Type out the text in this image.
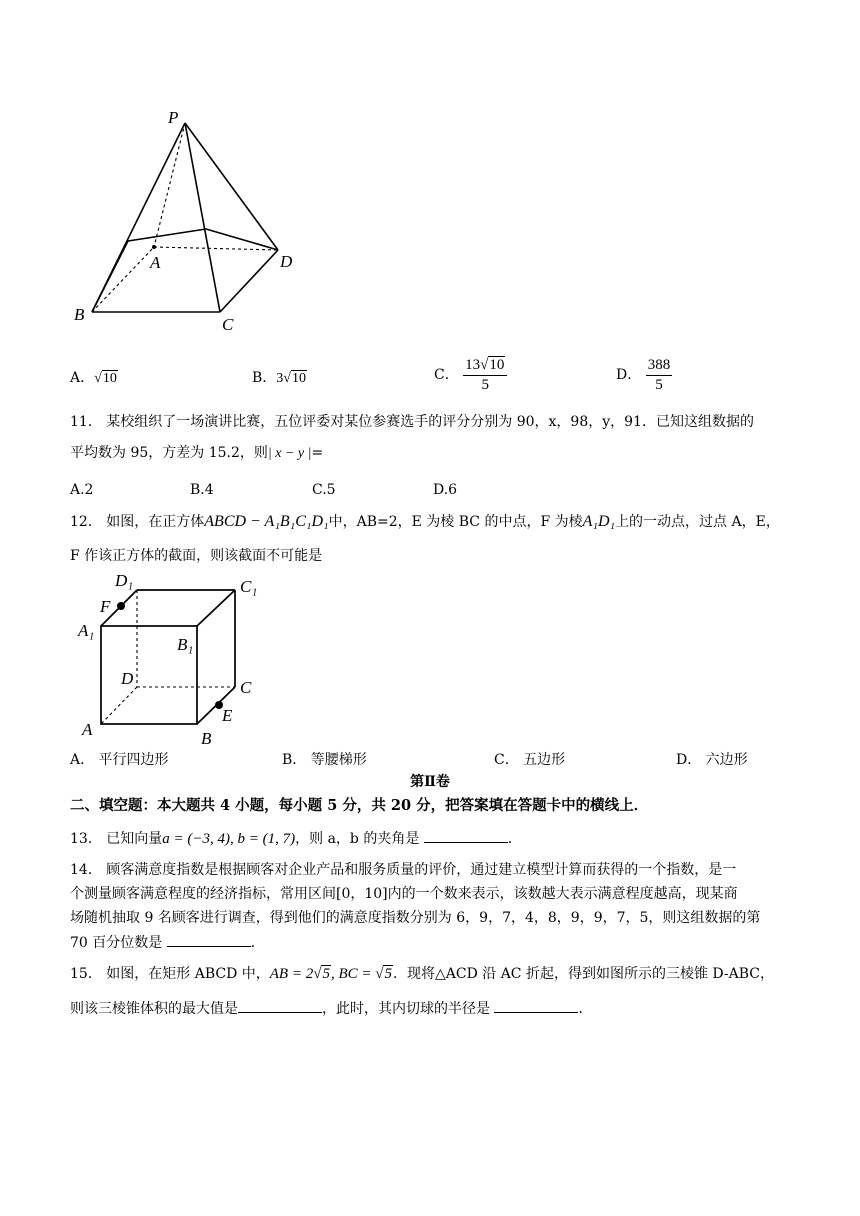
P
A
B
C
D
A．√10	B．3√10	C． $\frac{13√10}{5}$	D． $\frac{388}{5}$
11． 某校组织了一场演讲比赛，五位评委对某位参赛选手的评分分别为 90，x，98，y，91．已知这组数据的
平均数为 95，方差为 15.2，则| x − y |=
A.2	B.4	C.5	D.6
12． 如图，在正方体ABCD − A₁B₁C₁D₁中，AB=2，E 为棱 BC 的中点，F 为棱A₁D₁上的一动点，过点 A，E，
F 作该正方体的截面，则该截面不可能是
D₁	C₁
F
A₁
B₁
D	C
E
A	B
A． 平行四边形	B． 等腰梯形	C． 五边形	D． 六边形
第Ⅱ卷
二、填空题：本大题共 4 小题，每小题 5 分，共 20 分，把答案填在答题卡中的横线上．
13． 已知向量a = (−3, 4), b = (1, 7)，则 a，b 的夹角是	．
14． 顾客满意度指数是根据顾客对企业产品和服务质量的评价，通过建立模型计算而获得的一个指数，是一
个测量顾客满意程度的经济指标，常用区间[0，10]内的一个数来表示，该数越大表示满意程度越高，现某商
场随机抽取 9 名顾客进行调查，得到他们的满意度指数分别为 6，9，7，4，8，9，9，7，5，则这组数据的第
70 百分位数是	．
15． 如图，在矩形 ABCD 中，AB = 2√5, BC = √5．现将△ACD 沿 AC 折起，得到如图所示的三棱锥 D-ABC，
则该三棱锥体积的最大值是	，此时，其内切球的半径是	．
